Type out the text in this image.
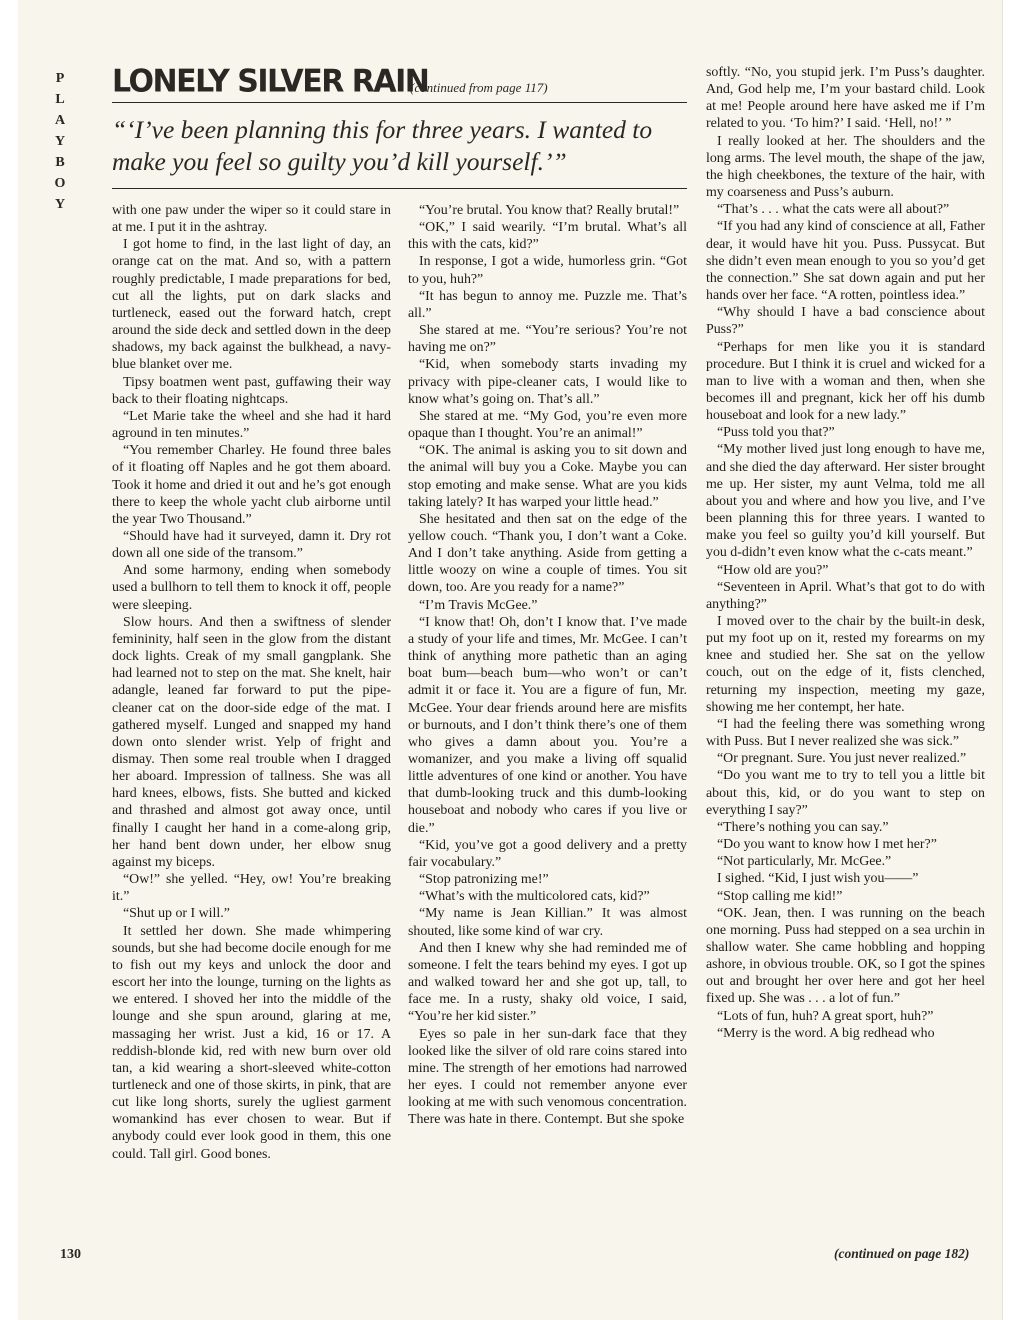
P
L
A
Y
B
O
Y
LONELY SILVER RAIN
(continued from page 117)
“‘I’ve been planning this for three years. I wanted to make you feel so guilty you’d kill yourself.’”

with one paw under the wiper so it could stare in at me. I put it in the ashtray.

I got home to find, in the last light of day, an orange cat on the mat. And so, with a pattern roughly predictable, I made preparations for bed, cut all the lights, put on dark slacks and turtleneck, eased out the forward hatch, crept around the side deck and settled down in the deep shadows, my back against the bulkhead, a navy-blue blanket over me.

Tipsy boatmen went past, guffawing their way back to their floating nightcaps.

“Let Marie take the wheel and she had it hard aground in ten minutes.”

“You remember Charley. He found three bales of it floating off Naples and he got them aboard. Took it home and dried it out and he’s got enough there to keep the whole yacht club airborne until the year Two Thousand.”

“Should have had it surveyed, damn it. Dry rot down all one side of the transom.”

And some harmony, ending when somebody used a bullhorn to tell them to knock it off, people were sleeping.

Slow hours. And then a swiftness of slender femininity, half seen in the glow from the distant dock lights. Creak of my small gangplank. She had learned not to step on the mat. She knelt, hair adangle, leaned far forward to put the pipe-cleaner cat on the door-side edge of the mat. I gathered myself. Lunged and snapped my hand down onto slender wrist. Yelp of fright and dismay. Then some real trouble when I dragged her aboard. Impression of tallness. She was all hard knees, elbows, fists. She butted and kicked and thrashed and almost got away once, until finally I caught her hand in a come-along grip, her hand bent down under, her elbow snug against my biceps.

“Ow!” she yelled. “Hey, ow! You’re breaking it.”

“Shut up or I will.”

It settled her down. She made whimpering sounds, but she had become docile enough for me to fish out my keys and unlock the door and escort her into the lounge, turning on the lights as we entered. I shoved her into the middle of the lounge and she spun around, glaring at me, massaging her wrist. Just a kid, 16 or 17. A reddish-blonde kid, red with new burn over old tan, a kid wearing a short-sleeved white-cotton turtleneck and one of those skirts, in pink, that are cut like long shorts, surely the ugliest garment womankind has ever chosen to wear. But if anybody could ever look good in them, this one could. Tall girl. Good bones.

“You’re brutal. You know that? Really brutal!”

“OK,” I said wearily. “I’m brutal. What’s all this with the cats, kid?”

In response, I got a wide, humorless grin. “Got to you, huh?”

“It has begun to annoy me. Puzzle me. That’s all.”

She stared at me. “You’re serious? You’re not having me on?”

“Kid, when somebody starts invading my privacy with pipe-cleaner cats, I would like to know what’s going on. That’s all.”

She stared at me. “My God, you’re even more opaque than I thought. You’re an animal!”

“OK. The animal is asking you to sit down and the animal will buy you a Coke. Maybe you can stop emoting and make sense. What are you kids taking lately? It has warped your little head.”

She hesitated and then sat on the edge of the yellow couch. “Thank you, I don’t want a Coke. And I don’t take anything. Aside from getting a little woozy on wine a couple of times. You sit down, too. Are you ready for a name?”

“I’m Travis McGee.”

“I know that! Oh, don’t I know that. I’ve made a study of your life and times, Mr. McGee. I can’t think of anything more pathetic than an aging boat bum—beach bum—who won’t or can’t admit it or face it. You are a figure of fun, Mr. McGee. Your dear friends around here are misfits or burnouts, and I don’t think there’s one of them who gives a damn about you. You’re a womanizer, and you make a living off squalid little adventures of one kind or another. You have that dumb-looking truck and this dumb-looking houseboat and nobody who cares if you live or die.”

“Kid, you’ve got a good delivery and a pretty fair vocabulary.”

“Stop patronizing me!”

“What’s with the multicolored cats, kid?”

“My name is Jean Killian.” It was almost shouted, like some kind of war cry.

And then I knew why she had reminded me of someone. I felt the tears behind my eyes. I got up and walked toward her and she got up, tall, to face me. In a rusty, shaky old voice, I said, “You’re her kid sister.”

Eyes so pale in her sun-dark face that they looked like the silver of old rare coins stared into mine. The strength of her emotions had narrowed her eyes. I could not remember anyone ever looking at me with such venomous concentration. There was hate in there. Contempt. But she spoke

softly. “No, you stupid jerk. I’m Puss’s daughter. And, God help me, I’m your bastard child. Look at me! People around here have asked me if I’m related to you. ‘To him?’ I said. ‘Hell, no!’ ”

I really looked at her. The shoulders and the long arms. The level mouth, the shape of the jaw, the high cheekbones, the texture of the hair, with my coarseness and Puss’s auburn.

“That’s . . . what the cats were all about?”

“If you had any kind of conscience at all, Father dear, it would have hit you. Puss. Pussycat. But she didn’t even mean enough to you so you’d get the connection.” She sat down again and put her hands over her face. “A rotten, pointless idea.”

“Why should I have a bad conscience about Puss?”

“Perhaps for men like you it is standard procedure. But I think it is cruel and wicked for a man to live with a woman and then, when she becomes ill and pregnant, kick her off his dumb houseboat and look for a new lady.”

“Puss told you that?”

“My mother lived just long enough to have me, and she died the day afterward. Her sister brought me up. Her sister, my aunt Velma, told me all about you and where and how you live, and I’ve been planning this for three years. I wanted to make you feel so guilty you’d kill yourself. But you d-didn’t even know what the c-cats meant.”

“How old are you?”

“Seventeen in April. What’s that got to do with anything?”

I moved over to the chair by the built-in desk, put my foot up on it, rested my forearms on my knee and studied her. She sat on the yellow couch, out on the edge of it, fists clenched, returning my inspection, meeting my gaze, showing me her contempt, her hate.

“I had the feeling there was something wrong with Puss. But I never realized she was sick.”

“Or pregnant. Sure. You just never realized.”

“Do you want me to try to tell you a little bit about this, kid, or do you want to step on everything I say?”

“There’s nothing you can say.”

“Do you want to know how I met her?”

“Not particularly, Mr. McGee.”

I sighed. “Kid, I just wish you——”

“Stop calling me kid!”

“OK. Jean, then. I was running on the beach one morning. Puss had stepped on a sea urchin in shallow water. She came hobbling and hopping ashore, in obvious trouble. OK, so I got the spines out and brought her over here and got her heel fixed up. She was . . . a lot of fun.”

“Lots of fun, huh? A great sport, huh?”

“Merry is the word. A big redhead who

130	(continued on page 182)
